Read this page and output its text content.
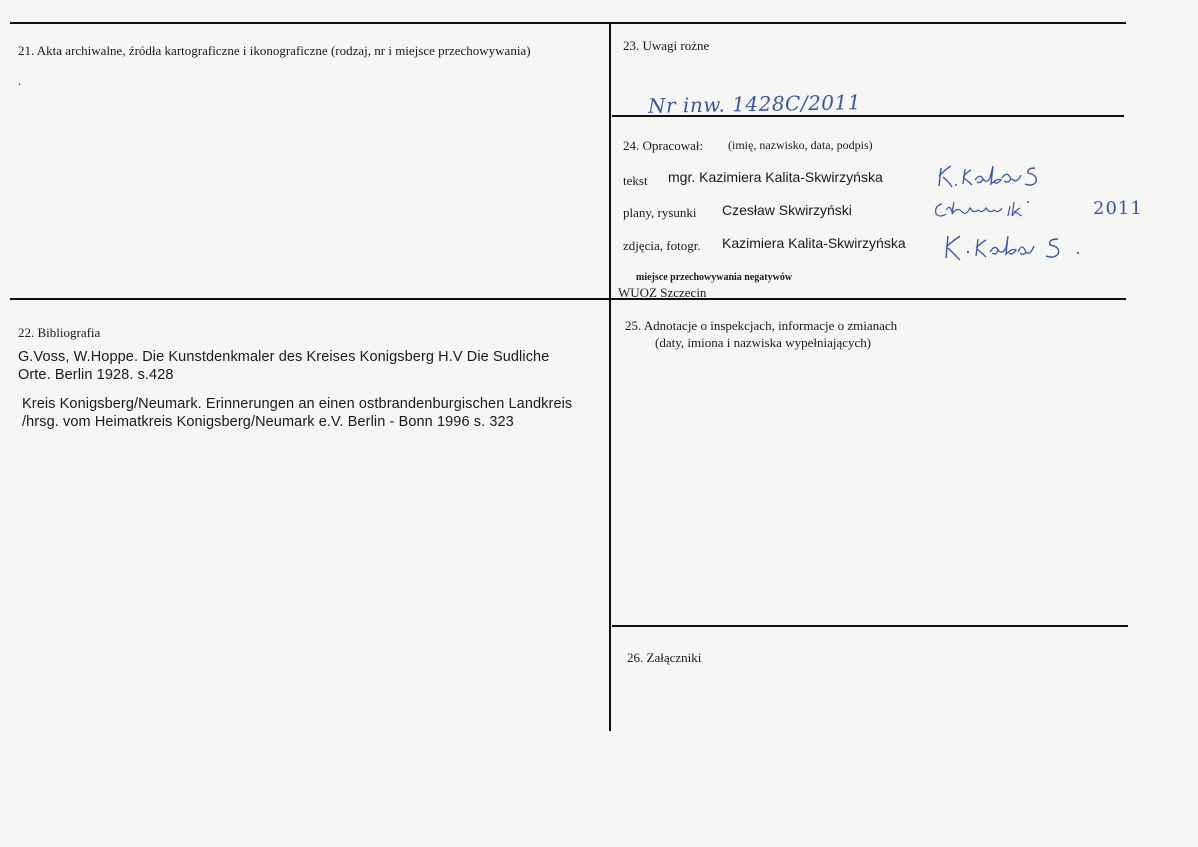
21. Akta archiwalne, źródła kartograficzne i ikonograficzne (rodzaj, nr i miejsce przechowywania)
.
23. Uwagi rożne
Nr inw. 1428C/2011
24. Opracował: (imię, nazwisko, data, podpis)
tekst mgr. Kazimiera Kalita-Skwirzyńska
plany, rysunki Czesław Skwirzyński
zdjęcia, fotogr. Kazimiera Kalita-Skwirzyńska
2011
miejsce przechowywania negatywów
WUOZ Szczecin
22. Bibliografia
G.Voss, W.Hoppe. Die Kunstdenkmaler des Kreises Konigsberg H.V Die Sudliche
Orte. Berlin 1928. s.428
Kreis Konigsberg/Neumark. Erinnerungen an einen ostbrandenburgischen Landkreis
/hrsg. vom Heimatkreis Konigsberg/Neumark e.V. Berlin - Bonn 1996 s. 323
25. Adnotacje o inspekcjach, informacje o zmianach
(daty, imiona i nazwiska wypełniających)
26. Załączniki
